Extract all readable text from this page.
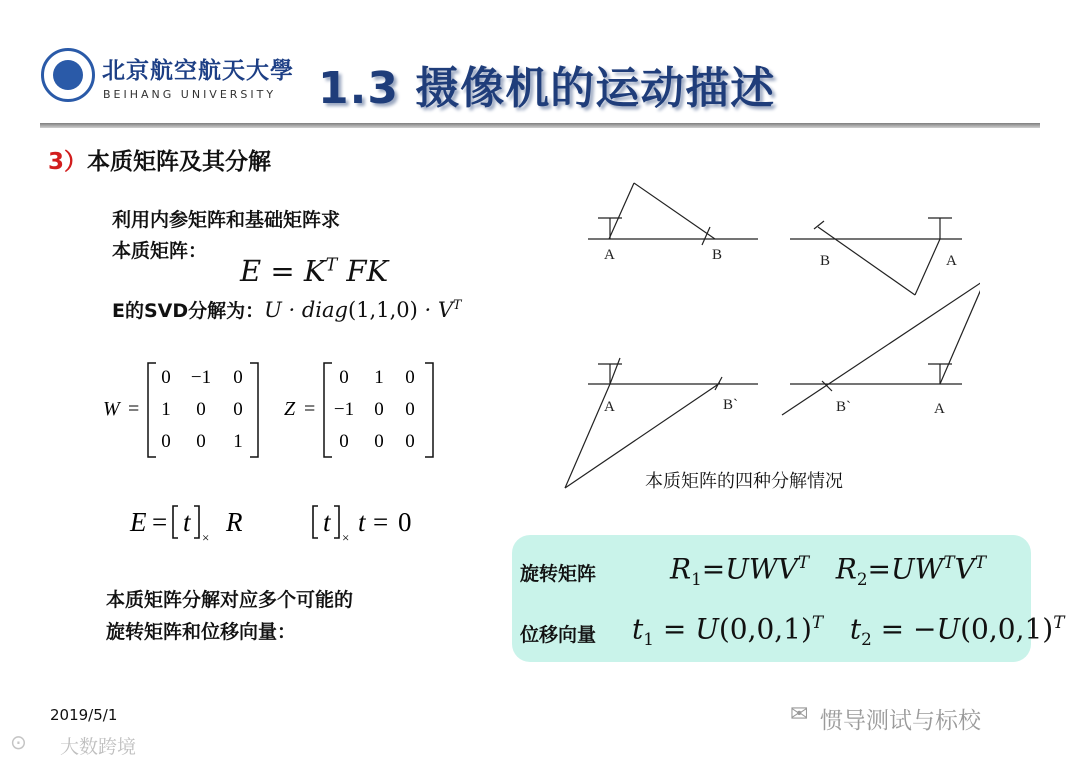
北京航空航天大學
BEIHANG UNIVERSITY 1.3 摄像机的运动描述
3）本质矩阵及其分解
利用内参矩阵和基础矩阵求
本质矩阵：
$E = K^T$ FK
E的SVD分解为：U · diag(1,1,0) · $V^T$
W =
0 −1 0
1 0 0
0 0 1
Z =
0 1 0
−1 0 0
0 0 0
E = t
×
R	t
×
t = 0
本质矩阵分解对应多个可能的
旋转矩阵和位移向量：
A	B	B	A
A	B`	B`	A
本质矩阵的四种分解情况
旋转矩阵	$R_1=UWV^T$   $R_2=UW^TV^T$
位移向量 $t_1 = U(0,0,1)^T$   $t_2 = -U(0,0,1)^T$
2019/5/1	✉ 惯导测试与标校
⊙ 大数跨境
